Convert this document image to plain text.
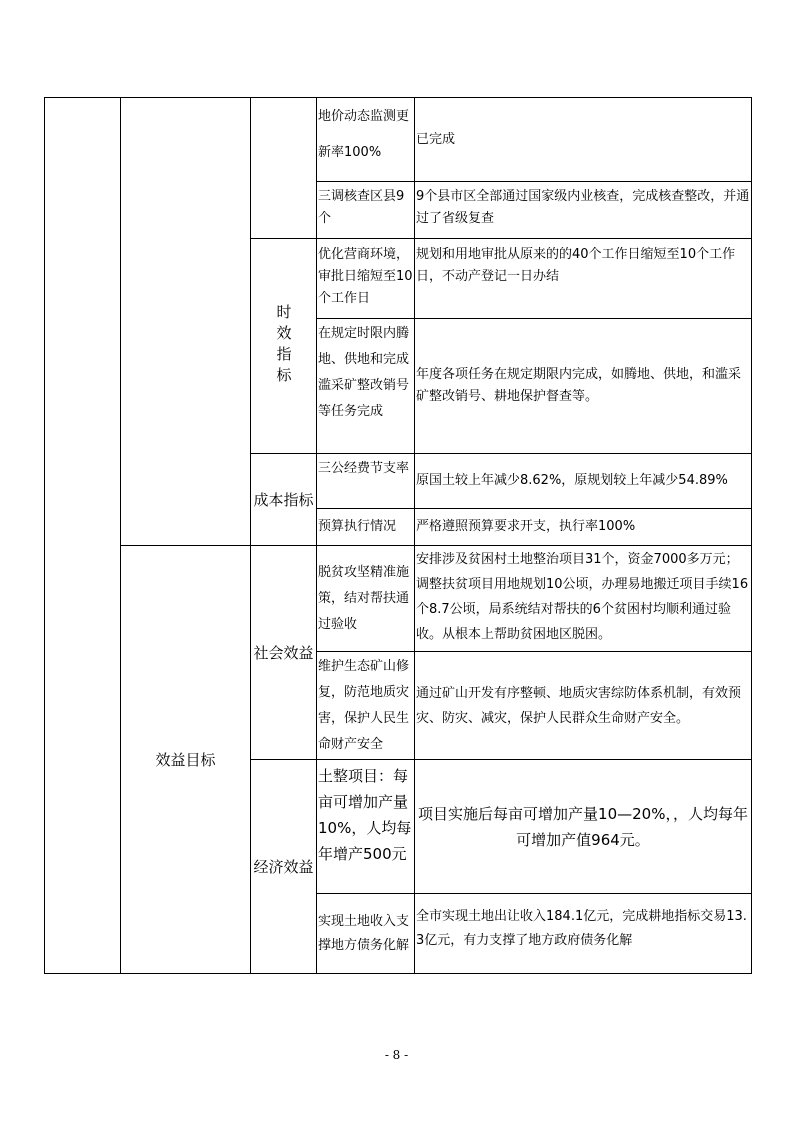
时效指标
成本指标
效益目标
社会效益
经济效益
地价动态监测更新率100%
已完成
三调核查区县9个
9个县市区全部通过国家级内业核查，完成核查整改，并通过了省级复查
优化营商环境，审批日缩短至10个工作日
规划和用地审批从原来的的40个工作日缩短至10个工作日，不动产登记一日办结
在规定时限内腾地、供地和完成滥采矿整改销号等任务完成
年度各项任务在规定期限内完成，如腾地、供地，和滥采矿整改销号、耕地保护督查等。
三公经费节支率
原国土较上年减少8.62%，原规划较上年减少54.89%
预算执行情况 严格遵照预算要求开支，执行率100%
脱贫攻坚精准施策，结对帮扶通过验收
安排涉及贫困村土地整治项目31个，资金7000多万元；调整扶贫项目用地规划10公顷，办理易地搬迁项目手续16个8.7公顷，局系统结对帮扶的6个贫困村均顺利通过验收。从根本上帮助贫困地区脱困。
维护生态矿山修复，防范地质灾害，保护人民生命财产安全
通过矿山开发有序整顿、地质灾害综防体系机制，有效预灾、防灾、减灾，保护人民群众生命财产安全。
土整项目：每亩可增加产量10%，人均每年增产500元
项目实施后每亩可增加产量10—20%，，人均每年可增加产值964元。
实现土地收入支撑地方债务化解
全市实现土地出让收入184.1亿元，完成耕地指标交易13.3亿元，有力支撑了地方政府债务化解
- 8 -
